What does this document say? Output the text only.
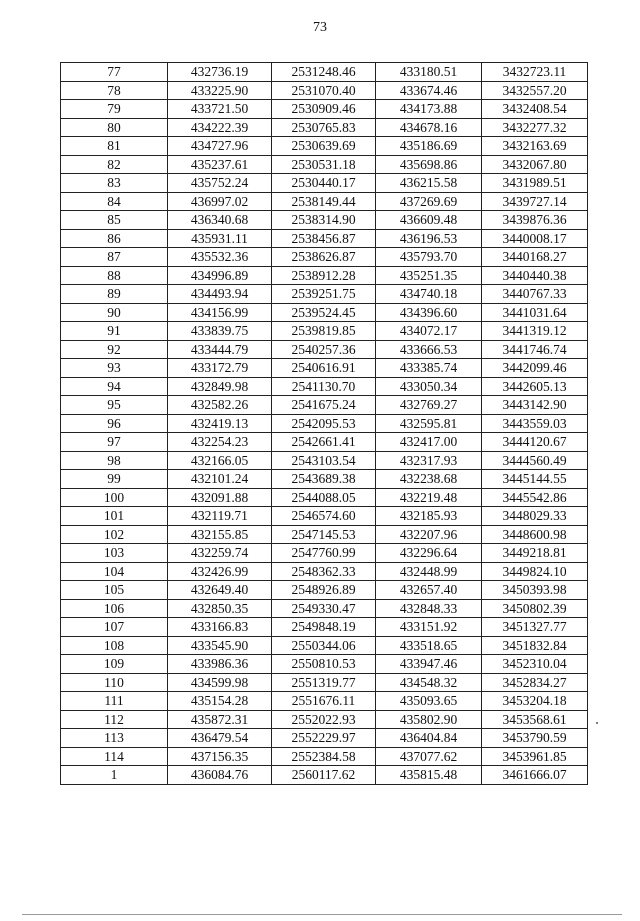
73
77	432736.19	2531248.46	433180.51	3432723.11
78	433225.90	2531070.40	433674.46	3432557.20
79	433721.50	2530909.46	434173.88	3432408.54
80	434222.39	2530765.83	434678.16	3432277.32
81	434727.96	2530639.69	435186.69	3432163.69
82	435237.61	2530531.18	435698.86	3432067.80
83	435752.24	2530440.17	436215.58	3431989.51
84	436997.02	2538149.44	437269.69	3439727.14
85	436340.68	2538314.90	436609.48	3439876.36
86	435931.11	2538456.87	436196.53	3440008.17
87	435532.36	2538626.87	435793.70	3440168.27
88	434996.89	2538912.28	435251.35	3440440.38
89	434493.94	2539251.75	434740.18	3440767.33
90	434156.99	2539524.45	434396.60	3441031.64
91	433839.75	2539819.85	434072.17	3441319.12
92	433444.79	2540257.36	433666.53	3441746.74
93	433172.79	2540616.91	433385.74	3442099.46
94	432849.98	2541130.70	433050.34	3442605.13
95	432582.26	2541675.24	432769.27	3443142.90
96	432419.13	2542095.53	432595.81	3443559.03
97	432254.23	2542661.41	432417.00	3444120.67
98	432166.05	2543103.54	432317.93	3444560.49
99	432101.24	2543689.38	432238.68	3445144.55
100	432091.88	2544088.05	432219.48	3445542.86
101	432119.71	2546574.60	432185.93	3448029.33
102	432155.85	2547145.53	432207.96	3448600.98
103	432259.74	2547760.99	432296.64	3449218.81
104	432426.99	2548362.33	432448.99	3449824.10
105	432649.40	2548926.89	432657.40	3450393.98
106	432850.35	2549330.47	432848.33	3450802.39
107	433166.83	2549848.19	433151.92	3451327.77
108	433545.90	2550344.06	433518.65	3451832.84
109	433986.36	2550810.53	433947.46	3452310.04
110	434599.98	2551319.77	434548.32	3452834.27
111	435154.28	2551676.11	435093.65	3453204.18
112	435872.31	2552022.93	435802.90	3453568.61
113	436479.54	2552229.97	436404.84	3453790.59
114	437156.35	2552384.58	437077.62	3453961.85
1	436084.76	2560117.62	435815.48	3461666.07
